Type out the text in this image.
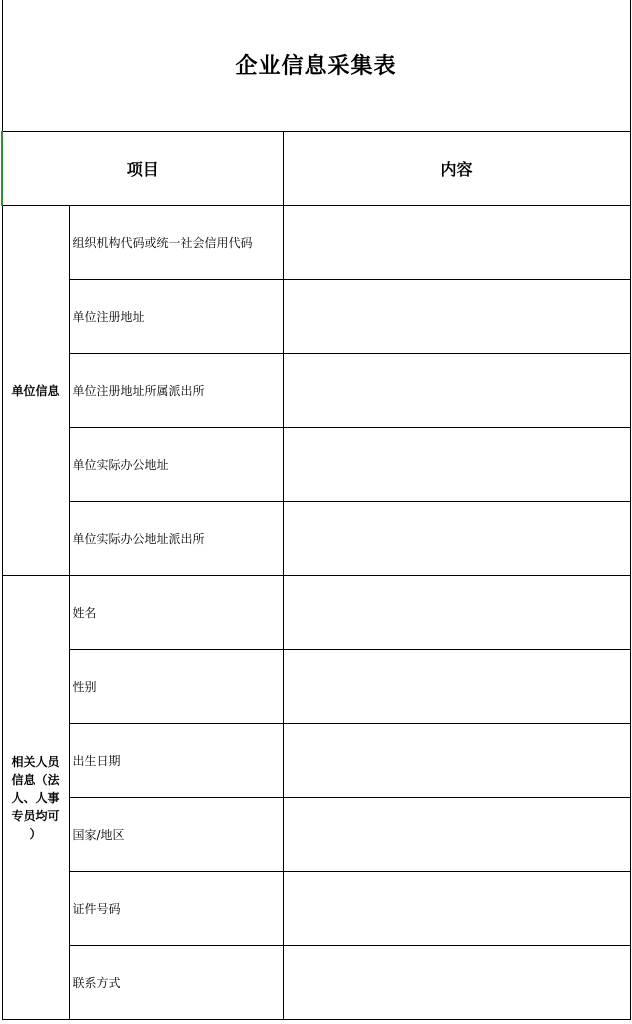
企业信息采集表		
项目		内容
单位信息	组织机构代码或统一社会信用代码	
	单位注册地址	
	单位注册地址所属派出所	
	单位实际办公地址	
	单位实际办公地址派出所	

相关人员
信息（法
人、人事
专员均可
）	姓名	
	性别	
	出生日期	
	国家/地区	
	证件号码	
	联系方式	
